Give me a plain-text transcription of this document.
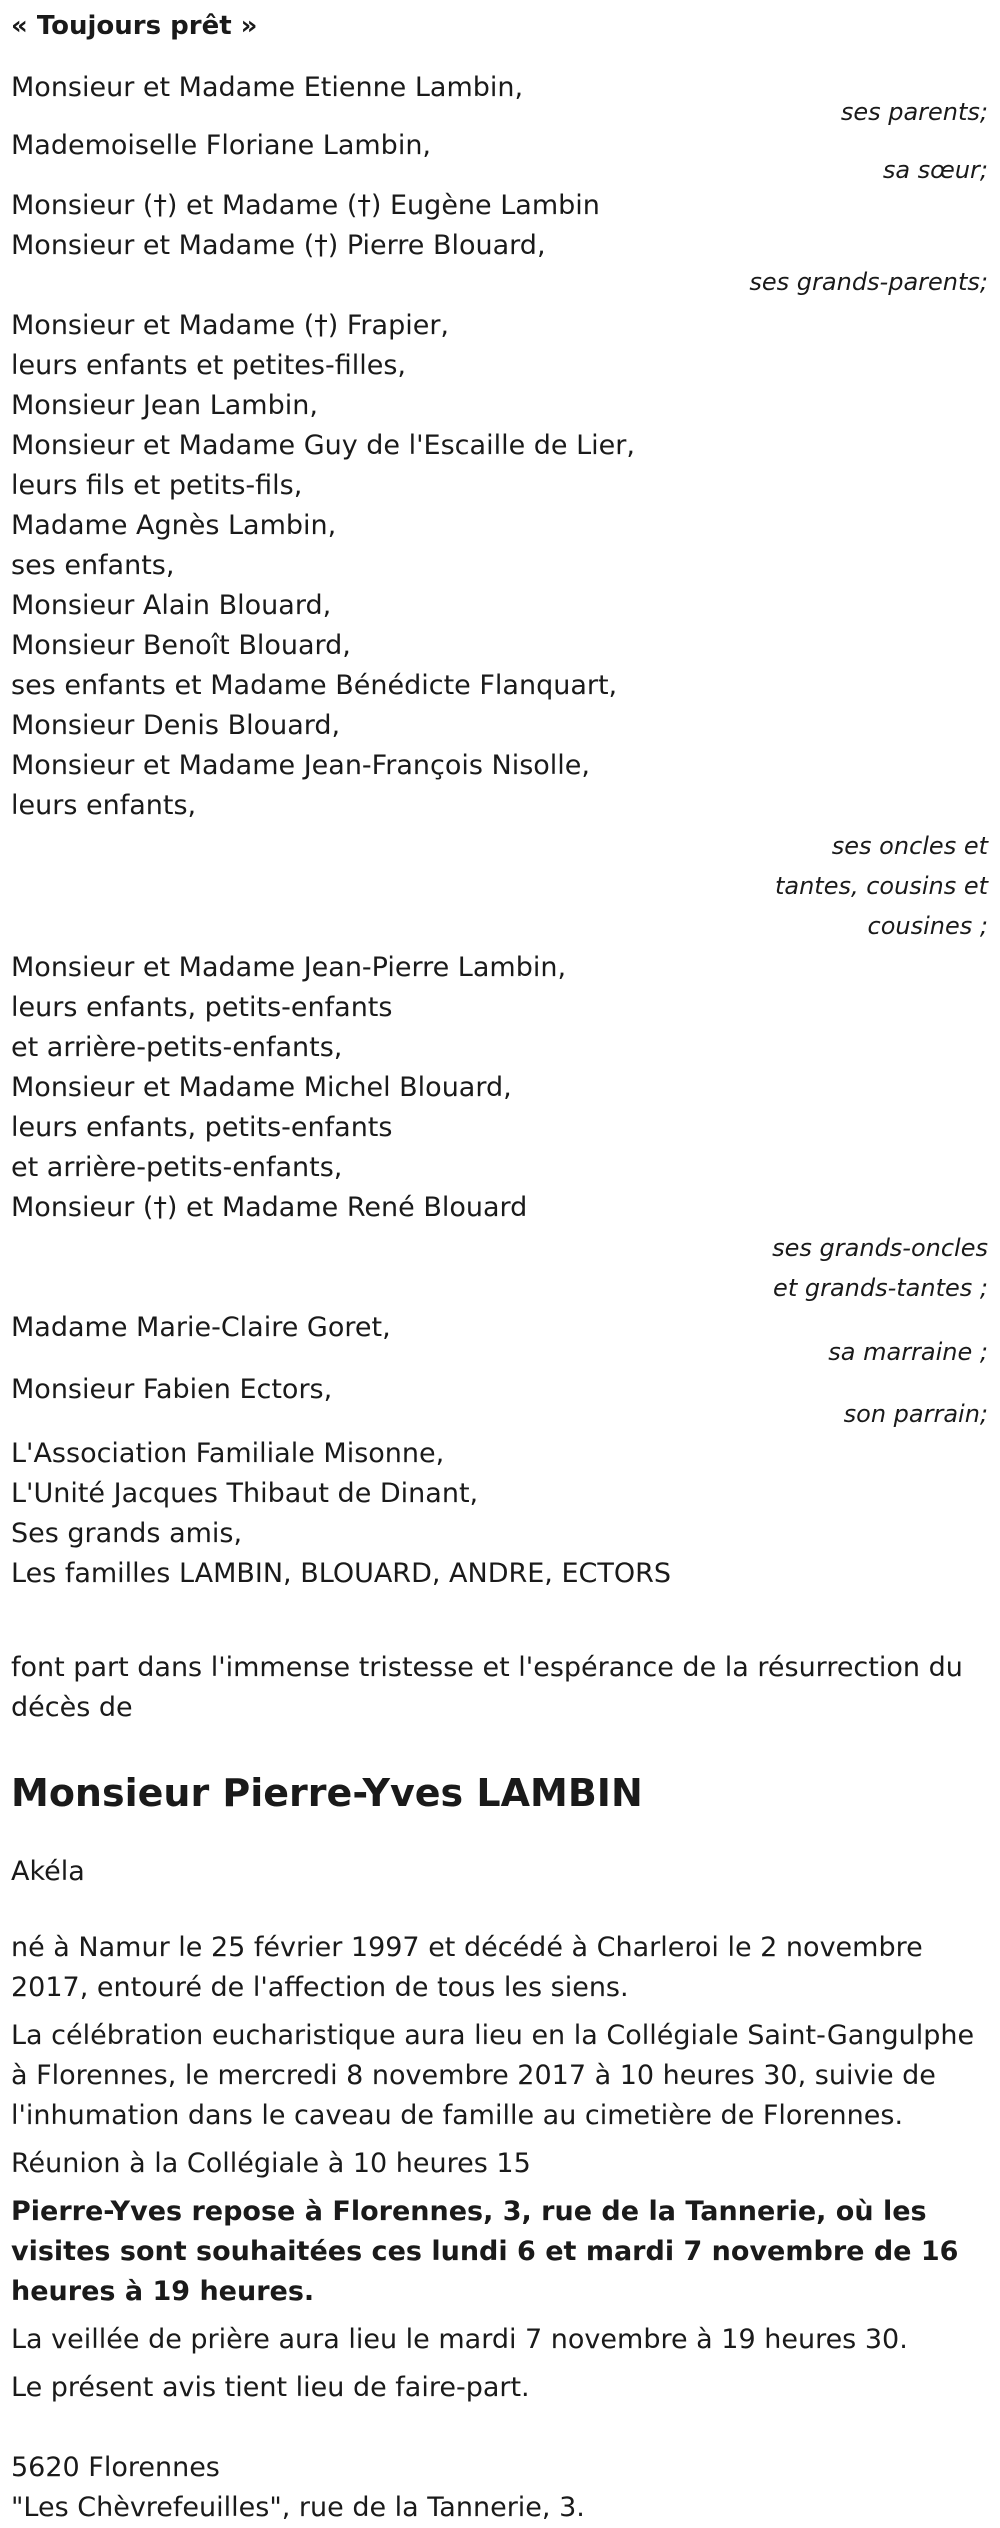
« Toujours prêt »
Monsieur et Madame Etienne Lambin,
ses parents;
Mademoiselle Floriane Lambin,
sa sœur;
Monsieur (†) et Madame (†) Eugène Lambin
Monsieur et Madame (†) Pierre Blouard,
ses grands-parents;
Monsieur et Madame (†) Frapier,
leurs enfants et petites-filles,
Monsieur Jean Lambin,
Monsieur et Madame Guy de l'Escaille de Lier,
leurs fils et petits-fils,
Madame Agnès Lambin,
ses enfants,
Monsieur Alain Blouard,
Monsieur Benoît Blouard,
ses enfants et Madame Bénédicte Flanquart,
Monsieur Denis Blouard,
Monsieur et Madame Jean-François Nisolle,
leurs enfants,
ses oncles et
tantes, cousins et
cousines ;
Monsieur et Madame Jean-Pierre Lambin,
leurs enfants, petits-enfants
et arrière-petits-enfants,
Monsieur et Madame Michel Blouard,
leurs enfants, petits-enfants
et arrière-petits-enfants,
Monsieur (†) et Madame René Blouard
ses grands-oncles
et grands-tantes ;
Madame Marie-Claire Goret,
sa marraine ;
Monsieur Fabien Ectors,
son parrain;
L'Association Familiale Misonne,
L'Unité Jacques Thibaut de Dinant,
Ses grands amis,
Les familles LAMBIN, BLOUARD, ANDRE, ECTORS
font part dans l'immense tristesse et l'espérance de la résurrection du décès de
Monsieur Pierre-Yves LAMBIN
Akéla

né à Namur le 25 février 1997 et décédé à Charleroi le 2 novembre 2017, entouré de l'affection de tous les siens.

La célébration eucharistique aura lieu en la Collégiale Saint-Gangulphe à Florennes, le mercredi 8 novembre 2017 à 10 heures 30, suivie de l'inhumation dans le caveau de famille au cimetière de Florennes.

Réunion à la Collégiale à 10 heures 15

Pierre-Yves repose à Florennes, 3, rue de la Tannerie, où les visites sont souhaitées ces lundi 6 et mardi 7 novembre de 16 heures à 19 heures.

La veillée de prière aura lieu le mardi 7 novembre à 19 heures 30.

Le présent avis tient lieu de faire-part.

5620 Florennes
"Les Chèvrefeuilles", rue de la Tannerie, 3.
